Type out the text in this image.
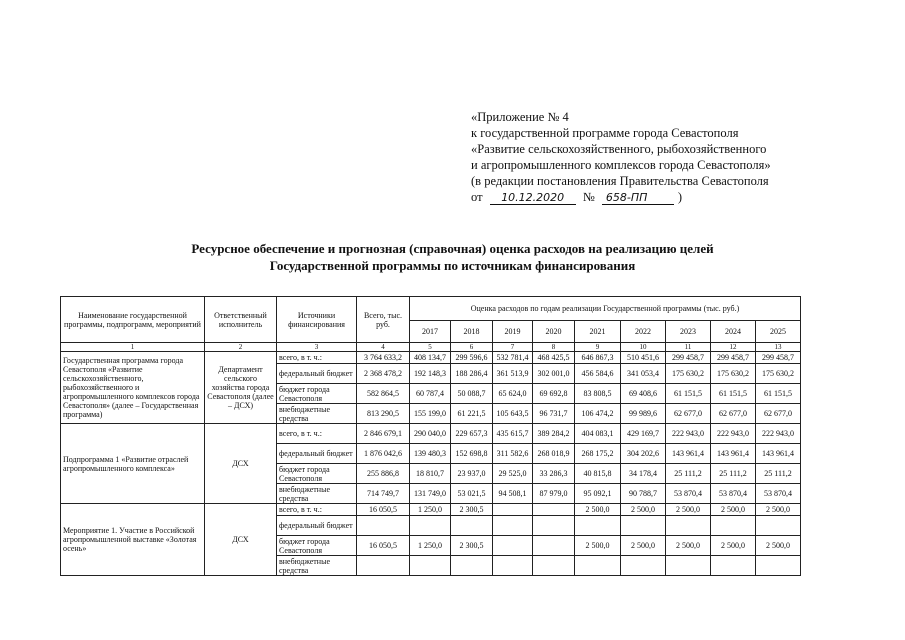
«Приложение № 4
к государственной программе города Севастополя
«Развитие сельскохозяйственного, рыбохозяйственного
и агропромышленного комплексов города Севастополя»
(в редакции постановления Правительства Севастополя
от 10.12.2020 № 658-ПП )
Ресурсное обеспечение и прогнозная (справочная) оценка расходов на реализацию целей
Государственной программы по источникам финансирования
Наименование государственной программы, подпрограмм, мероприятий	Ответственный исполнитель	Источники финансирования	Всего, тыс. руб.	Оценка расходов по годам реализации Государственной программы (тыс. руб.)								
				2017	2018	2019	2020	2021	2022	2023	2024	2025
1	2	3	4	5	6	7	8	9	10	11	12	13
Государственная программа города Севастополя «Развитие сельскохозяйственного, рыбохозяйственного и агропромышленного комплексов города Севастополя» (далее – Государственная программа)	Департамент сельского хозяйства города Севастополя (далее – ДСХ)	всего, в т. ч.:	3 764 633,2	408 134,7	299 596,6	532 781,4	468 425,5	646 867,3	510 451,6	299 458,7	299 458,7	299 458,7
		федеральный бюджет	2 368 478,2	192 148,3	188 286,4	361 513,9	302 001,0	456 584,6	341 053,4	175 630,2	175 630,2	175 630,2
		бюджет города Севастополя	582 864,5	60 787,4	50 088,7	65 624,0	69 692,8	83 808,5	69 408,6	61 151,5	61 151,5	61 151,5
		внебюджетные средства	813 290,5	155 199,0	61 221,5	105 643,5	96 731,7	106 474,2	99 989,6	62 677,0	62 677,0	62 677,0
Подпрограмма 1 «Развитие отраслей агропромышленного комплекса»	ДСХ	всего, в т. ч.:	2 846 679,1	290 040,0	229 657,3	435 615,7	389 284,2	404 083,1	429 169,7	222 943,0	222 943,0	222 943,0
		федеральный бюджет	1 876 042,6	139 480,3	152 698,8	311 582,6	268 018,9	268 175,2	304 202,6	143 961,4	143 961,4	143 961,4
		бюджет города Севастополя	255 886,8	18 810,7	23 937,0	29 525,0	33 286,3	40 815,8	34 178,4	25 111,2	25 111,2	25 111,2
		внебюджетные средства	714 749,7	131 749,0	53 021,5	94 508,1	87 979,0	95 092,1	90 788,7	53 870,4	53 870,4	53 870,4
Мероприятие 1. Участие в Российской агропромышленной выставке «Золотая осень»	ДСХ	всего, в т. ч.:	16 050,5	1 250,0	2 300,5			2 500,0	2 500,0	2 500,0	2 500,0	2 500,0
		федеральный бюджет										
		бюджет города Севастополя	16 050,5	1 250,0	2 300,5			2 500,0	2 500,0	2 500,0	2 500,0	2 500,0
		внебюджетные средства										
